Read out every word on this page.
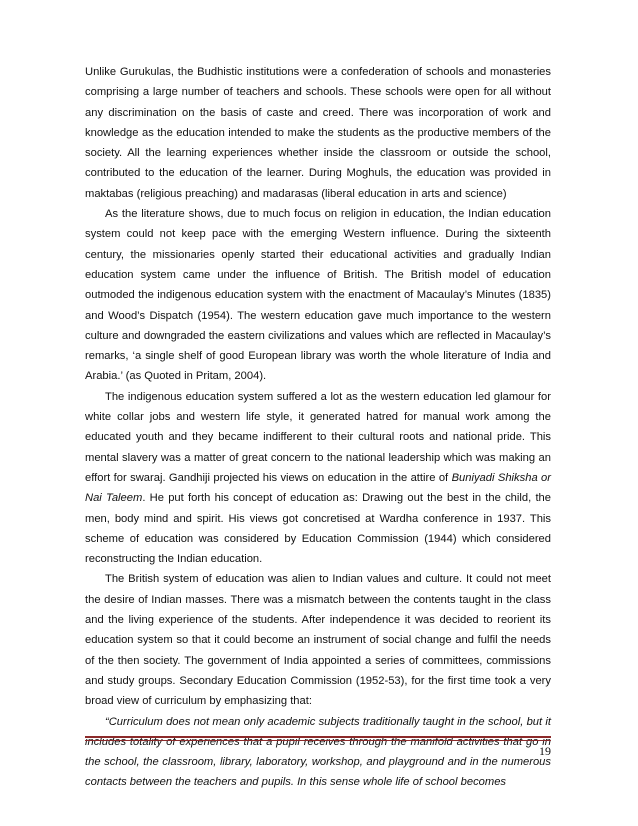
Unlike Gurukulas, the Budhistic institutions were a confederation of schools and monasteries comprising a large number of teachers and schools. These schools were open for all without any discrimination on the basis of caste and creed. There was incorporation of work and knowledge as the education intended to make the students as the productive members of the society. All the learning experiences whether inside the classroom or outside the school, contributed to the education of the learner. During Moghuls, the education was provided in maktabas (religious preaching) and madarasas (liberal education in arts and science)

As the literature shows, due to much focus on religion in education, the Indian education system could not keep pace with the emerging Western influence. During the sixteenth century, the missionaries openly started their educational activities and gradually Indian education system came under the influence of British. The British model of education outmoded the indigenous education system with the enactment of Macaulay’s Minutes (1835) and Wood’s Dispatch (1954). The western education gave much importance to the western culture and downgraded the eastern civilizations and values which are reflected in Macaulay’s remarks, ‘a single shelf of good European library was worth the whole literature of India and Arabia.’ (as Quoted in Pritam, 2004).

The indigenous education system suffered a lot as the western education led glamour for white collar jobs and western life style, it generated hatred for manual work among the educated youth and they became indifferent to their cultural roots and national pride. This mental slavery was a matter of great concern to the national leadership which was making an effort for swaraj. Gandhiji projected his views on education in the attire of Buniyadi Shiksha or Nai Taleem. He put forth his concept of education as: Drawing out the best in the child, the men, body mind and spirit. His views got concretised at Wardha conference in 1937. This scheme of education was considered by Education Commission (1944) which considered reconstructing the Indian education.

The British system of education was alien to Indian values and culture. It could not meet the desire of Indian masses. There was a mismatch between the contents taught in the class and the living experience of the students. After independence it was decided to reorient its education system so that it could become an instrument of social change and fulfil the needs of the then society. The government of India appointed a series of committees, commissions and study groups. Secondary Education Commission (1952-53), for the first time took a very broad view of curriculum by emphasizing that:

“Curriculum does not mean only academic subjects traditionally taught in the school, but it includes totality of experiences that a pupil receives through the manifold activities that go in the school, the classroom, library, laboratory, workshop, and playground and in the numerous contacts between the teachers and pupils. In this sense whole life of school becomes

19
